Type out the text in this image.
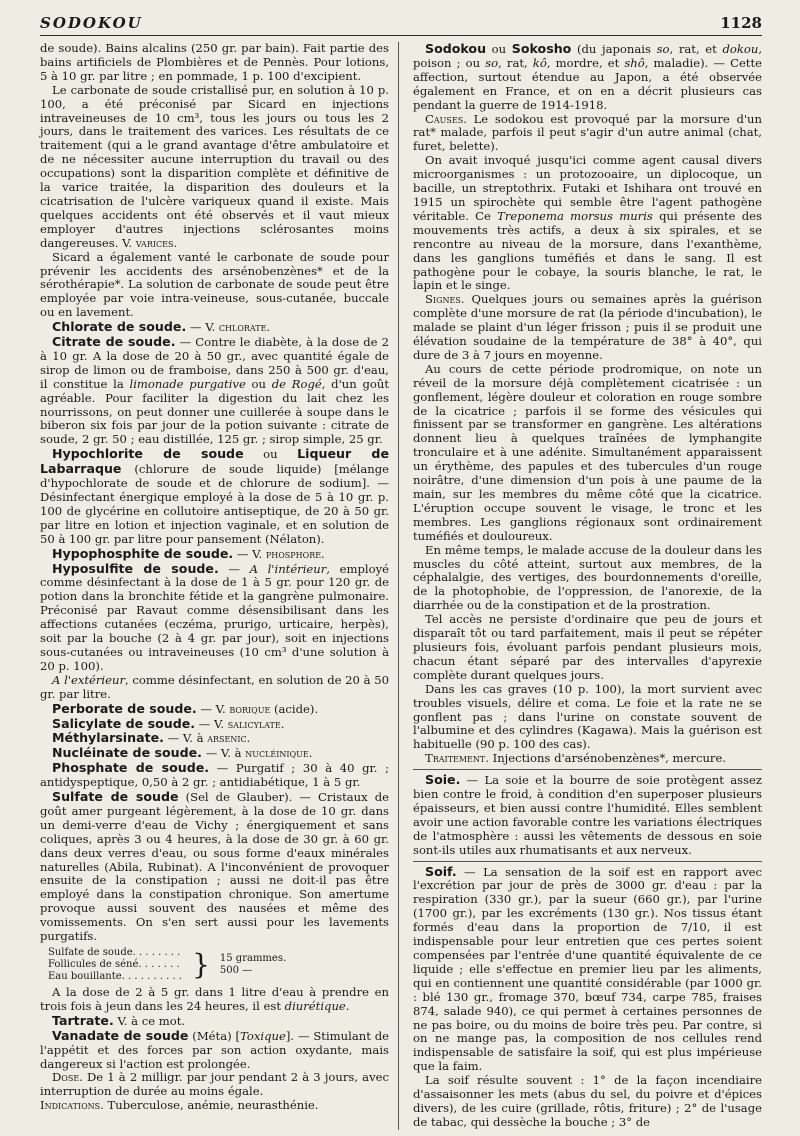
SODOKOU	1128

de soude). Bains alcalins (250 gr. par bain). Fait partie des bains artificiels de Plombières et de Pennès. Pour lotions, 5 à 10 gr. par litre ; en pommade, 1 p. 100 d'excipient.

Le carbonate de soude cristallisé pur, en solution à 10 p. 100, a été préconisé par Sicard en injections intraveineuses de 10 cm³, tous les jours ou tous les 2 jours, dans le traitement des varices. Les résultats de ce traitement (qui a le grand avantage d'être ambulatoire et de ne nécessiter aucune interruption du travail ou des occupations) sont la disparition complète et définitive de la varice traitée, la disparition des douleurs et la cicatrisation de l'ulcère variqueux quand il existe. Mais quelques accidents ont été observés et il vaut mieux employer d'autres injections sclérosantes moins dangereuses. V. varices.

Sicard a également vanté le carbonate de soude pour prévenir les accidents des arsénobenzènes* et de la sérothérapie*. La solution de carbonate de soude peut être employée par voie intra-veineuse, sous-cutanée, buccale ou en lavement.

Chlorate de soude. — V. chlorate.

Citrate de soude. — Contre le diabète, à la dose de 2 à 10 gr. A la dose de 20 à 50 gr., avec quantité égale de sirop de limon ou de framboise, dans 250 à 500 gr. d'eau, il constitue la limonade purgative ou de Rogé, d'un goût agréable. Pour faciliter la digestion du lait chez les nourrissons, on peut donner une cuillerée à soupe dans le biberon six fois par jour de la potion suivante : citrate de soude, 2 gr. 50 ; eau distillée, 125 gr. ; sirop simple, 25 gr.

Hypochlorite de soude ou Liqueur de Labarraque (chlorure de soude liquide) [mélange d'hypochlorate de soude et de chlorure de sodium]. — Désinfectant énergique employé à la dose de 5 à 10 gr. p. 100 de glycérine en collutoire antiseptique, de 20 à 50 gr. par litre en lotion et injection vaginale, et en solution de 50 à 100 gr. par litre pour pansement (Nélaton).

Hypophosphite de soude. — V. phosphore.

Hyposulfite de soude. — A l'intérieur, employé comme désinfectant à la dose de 1 à 5 gr. pour 120 gr. de potion dans la bronchite fétide et la gangrène pulmonaire. Préconisé par Ravaut comme désensibilisant dans les affections cutanées (eczéma, prurigo, urticaire, herpès), soit par la bouche (2 à 4 gr. par jour), soit en injections sous-cutanées ou intraveineuses (10 cm³ d'une solution à 20 p. 100).

A l'extérieur, comme désinfectant, en solution de 20 à 50 gr. par litre.

Perborate de soude. — V. borique (acide).

Salicylate de soude. — V. salicylate.

Méthylarsinate. — V. à arsenic.

Nucléinate de soude. — V. à nucléinique.

Phosphate de soude. — Purgatif ; 30 à 40 gr. ; antidyspeptique, 0,50 à 2 gr. ; antidiabétique, 1 à 5 gr.

Sulfate de soude (Sel de Glauber). — Cristaux de goût amer purgeant légèrement, à la dose de 10 gr. dans un demi-verre d'eau de Vichy ; énergiquement et sans coliques, après 3 ou 4 heures, à la dose de 30 gr. à 60 gr. dans deux verres d'eau, ou sous forme d'eaux minérales naturelles (Abila, Rubinat). A l'inconvénient de provoquer ensuite de la constipation ; aussi ne doit-il pas être employé dans la constipation chronique. Son amertume provoque aussi souvent des nausées et même des vomissements. On s'en sert aussi pour les lavements purgatifs.

Sulfate de soude. . . . . . . .
Follicules de séné. . . . . . .
Eau bouillante. . . . . . . . . . } 15 grammes.
500 —

A la dose de 2 à 5 gr. dans 1 litre d'eau à prendre en trois fois à jeun dans les 24 heures, il est diurétique.

Tartrate. V. à ce mot.

Vanadate de soude (Méta) [Toxique]. — Stimulant de l'appétit et des forces par son action oxydante, mais dangereux si l'action est prolongée.

Dose. De 1 à 2 milligr. par jour pendant 2 à 3 jours, avec interruption de durée au moins égale.

Indications. Tuberculose, anémie, neurasthénie.

Sodokou ou Sokosho (du japonais so, rat, et dokou, poison ; ou so, rat, kô, mordre, et shô, maladie). — Cette affection, surtout étendue au Japon, a été observée également en France, et on en a décrit plusieurs cas pendant la guerre de 1914-1918.

Causes. Le sodokou est provoqué par la morsure d'un rat* malade, parfois il peut s'agir d'un autre animal (chat, furet, belette).

On avait invoqué jusqu'ici comme agent causal divers microorganismes : un protozooaire, un diplocoque, un bacille, un streptothrix. Futaki et Ishihara ont trouvé en 1915 un spirochète qui semble être l'agent pathogène véritable. Ce Treponema morsus muris qui présente des mouvements très actifs, a deux à six spirales, et se rencontre au niveau de la morsure, dans l'exanthème, dans les ganglions tuméfiés et dans le sang. Il est pathogène pour le cobaye, la souris blanche, le rat, le lapin et le singe.

Signes. Quelques jours ou semaines après la guérison complète d'une morsure de rat (la période d'incubation), le malade se plaint d'un léger frisson ; puis il se produit une élévation soudaine de la température de 38° à 40°, qui dure de 3 à 7 jours en moyenne.

Au cours de cette période prodromique, on note un réveil de la morsure déjà complètement cicatrisée : un gonflement, légère douleur et coloration en rouge sombre de la cicatrice ; parfois il se forme des vésicules qui finissent par se transformer en gangrène. Les altérations donnent lieu à quelques traînées de lymphangite tronculaire et à une adénite. Simultanément apparaissent un érythème, des papules et des tubercules d'un rouge noirâtre, d'une dimension d'un pois à une paume de la main, sur les membres du même côté que la cicatrice. L'éruption occupe souvent le visage, le tronc et les membres. Les ganglions régionaux sont ordinairement tuméfiés et douloureux.

En même temps, le malade accuse de la douleur dans les muscles du côté atteint, surtout aux membres, de la céphalalgie, des vertiges, des bourdonnements d'oreille, de la photophobie, de l'oppression, de l'anorexie, de la diarrhée ou de la constipation et de la prostration.

Tel accès ne persiste d'ordinaire que peu de jours et disparaît tôt ou tard parfaitement, mais il peut se répéter plusieurs fois, évoluant parfois pendant plusieurs mois, chacun étant séparé par des intervalles d'apyrexie complète durant quelques jours.

Dans les cas graves (10 p. 100), la mort survient avec troubles visuels, délire et coma. Le foie et la rate ne se gonflent pas ; dans l'urine on constate souvent de l'albumine et des cylindres (Kagawa). Mais la guérison est habituelle (90 p. 100 des cas).

Traitement. Injections d'arsénobenzènes*, mercure.

Soie. — La soie et la bourre de soie protègent assez bien contre le froid, à condition d'en superposer plusieurs épaisseurs, et bien aussi contre l'humidité. Elles semblent avoir une action favorable contre les variations électriques de l'atmosphère : aussi les vêtements de dessous en soie sont-ils utiles aux rhumatisants et aux nerveux.

Soif. — La sensation de la soif est en rapport avec l'excrétion par jour de près de 3000 gr. d'eau : par la respiration (330 gr.), par la sueur (660 gr.), par l'urine (1700 gr.), par les excréments (130 gr.). Nos tissus étant formés d'eau dans la proportion de 7/10, il est indispensable pour leur entretien que ces pertes soient compensées par l'entrée d'une quantité équivalente de ce liquide ; elle s'effectue en premier lieu par les aliments, qui en contiennent une quantité considérable (par 1000 gr. : blé 130 gr., fromage 370, bœuf 734, carpe 785, fraises 874, salade 940), ce qui permet à certaines personnes de ne pas boire, ou du moins de boire très peu. Par contre, si on ne mange pas, la composition de nos cellules rend indispensable de satisfaire la soif, qui est plus impérieuse que la faim.

La soif résulte souvent : 1° de la façon incendiaire d'assaisonner les mets (abus du sel, du poivre et d'épices divers), de les cuire (grillade, rôtis, friture) ; 2° de l'usage de tabac, qui dessèche la bouche ; 3° de
